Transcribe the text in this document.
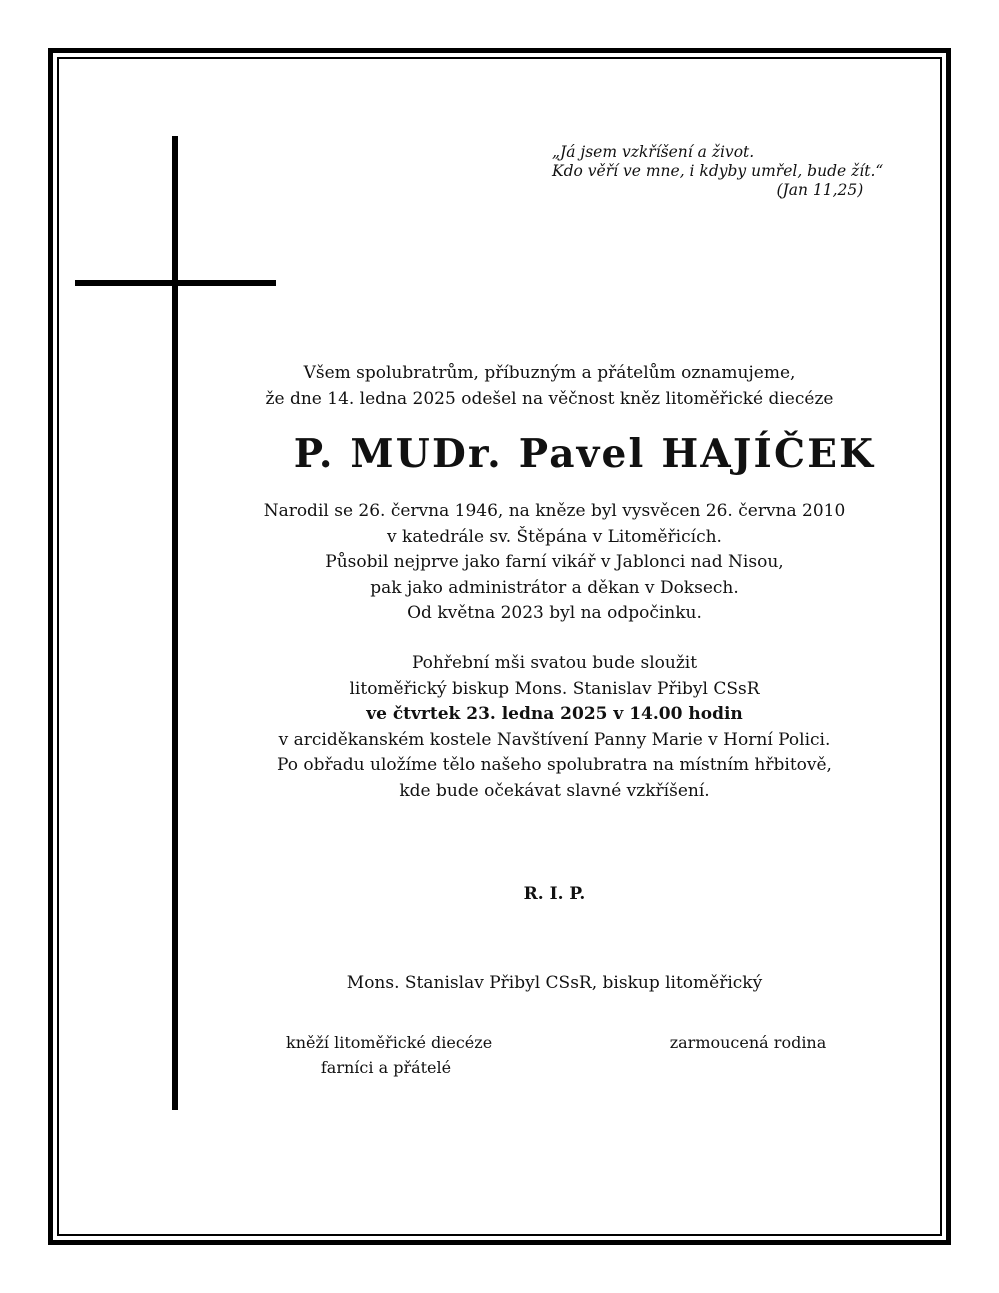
„Já jsem vzkříšení a život.
Kdo věří ve mne, i kdyby umřel, bude žít.“
(Jan 11,25)
Všem spolubratrům, příbuzným a přátelům oznamujeme,
že dne 14. ledna 2025 odešel na věčnost kněz litoměřické diecéze
P. MUDr. Pavel HAJÍČEK
Narodil se 26. června 1946, na kněze byl vysvěcen 26. června 2010
v katedrále sv. Štěpána v Litoměřicích.
Působil nejprve jako farní vikář v Jablonci nad Nisou,
pak jako administrátor a děkan v Doksech.
Od května 2023 byl na odpočinku.
Pohřební mši svatou bude sloužit
litoměřický biskup Mons. Stanislav Přibyl CSsR
ve čtvrtek 23. ledna 2025 v 14.00 hodin
v arciděkanském kostele Navštívení Panny Marie v Horní Polici.
Po obřadu uložíme tělo našeho spolubratra na místním hřbitově,
kde bude očekávat slavné vzkříšení.
R. I. P.
Mons. Stanislav Přibyl CSsR, biskup litoměřický
kněží litoměřické diecéze
farníci a přátelé
zarmoucená rodina
